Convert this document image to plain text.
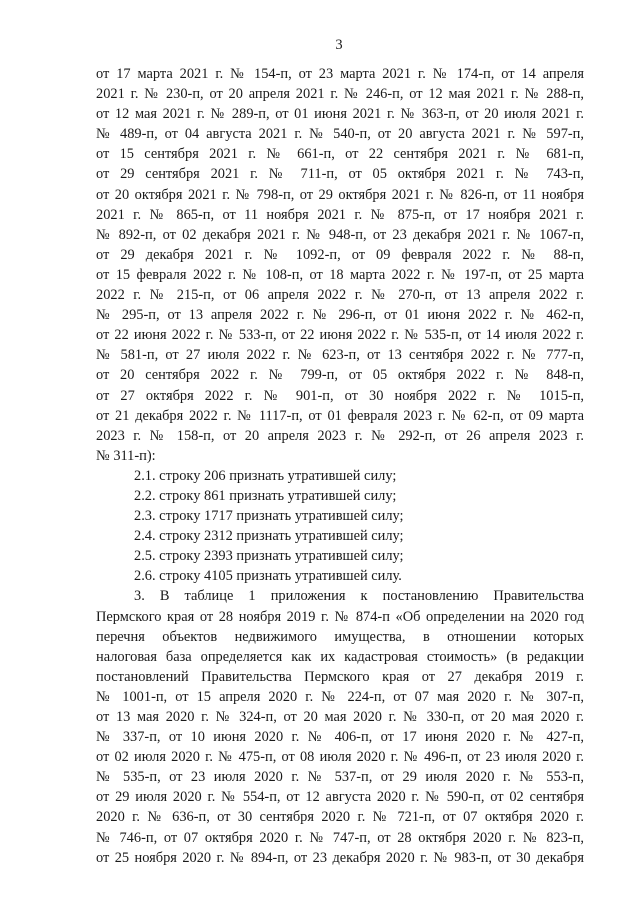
3
от 17 марта 2021 г. № 154-п, от 23 марта 2021 г. № 174-п, от 14 апреля
2021 г. № 230-п, от 20 апреля 2021 г. № 246-п, от 12 мая 2021 г. № 288-п,
от 12 мая 2021 г. № 289-п, от 01 июня 2021 г. № 363-п, от 20 июля 2021 г.
№ 489-п, от 04 августа 2021 г. № 540-п, от 20 августа 2021 г. № 597-п,
от 15 сентября 2021 г. № 661-п, от 22 сентября 2021 г. № 681-п,
от 29 сентября 2021 г. № 711-п, от 05 октября 2021 г. № 743-п,
от 20 октября 2021 г. № 798-п, от 29 октября 2021 г. № 826-п, от 11 ноября
2021 г. № 865-п, от 11 ноября 2021 г. № 875-п, от 17 ноября 2021 г.
№ 892-п, от 02 декабря 2021 г. № 948-п, от 23 декабря 2021 г. № 1067-п,
от 29 декабря 2021 г. № 1092-п, от 09 февраля 2022 г. № 88-п,
от 15 февраля 2022 г. № 108-п, от 18 марта 2022 г. № 197-п, от 25 марта
2022 г. № 215-п, от 06 апреля 2022 г. № 270-п, от 13 апреля 2022 г.
№ 295-п, от 13 апреля 2022 г. № 296-п, от 01 июня 2022 г. № 462-п,
от 22 июня 2022 г. № 533-п, от 22 июня 2022 г. № 535-п, от 14 июля 2022 г.
№ 581-п, от 27 июля 2022 г. № 623-п, от 13 сентября 2022 г. № 777-п,
от 20 сентября 2022 г. № 799-п, от 05 октября 2022 г. № 848-п,
от 27 октября 2022 г. № 901-п, от 30 ноября 2022 г. № 1015-п,
от 21 декабря 2022 г. № 1117-п, от 01 февраля 2023 г. № 62-п, от 09 марта
2023 г. № 158-п, от 20 апреля 2023 г. № 292-п, от 26 апреля 2023 г.
№ 311-п):
2.1. строку 206 признать утратившей силу;
2.2. строку 861 признать утратившей силу;
2.3. строку 1717 признать утратившей силу;
2.4. строку 2312 признать утратившей силу;
2.5. строку 2393 признать утратившей силу;
2.6. строку 4105 признать утратившей силу.
3. В таблице 1 приложения к постановлению Правительства
Пермского края от 28 ноября 2019 г. № 874-п «Об определении на 2020 год
перечня объектов недвижимого имущества, в отношении которых
налоговая база определяется как их кадастровая стоимость» (в редакции
постановлений Правительства Пермского края от 27 декабря 2019 г.
№ 1001-п, от 15 апреля 2020 г. № 224-п, от 07 мая 2020 г. № 307-п,
от 13 мая 2020 г. № 324-п, от 20 мая 2020 г. № 330-п, от 20 мая 2020 г.
№ 337-п, от 10 июня 2020 г. № 406-п, от 17 июня 2020 г. № 427-п,
от 02 июля 2020 г. № 475-п, от 08 июля 2020 г. № 496-п, от 23 июля 2020 г.
№ 535-п, от 23 июля 2020 г. № 537-п, от 29 июля 2020 г. № 553-п,
от 29 июля 2020 г. № 554-п, от 12 августа 2020 г. № 590-п, от 02 сентября
2020 г. № 636-п, от 30 сентября 2020 г. № 721-п, от 07 октября 2020 г.
№ 746-п, от 07 октября 2020 г. № 747-п, от 28 октября 2020 г. № 823-п,
от 25 ноября 2020 г. № 894-п, от 23 декабря 2020 г. № 983-п, от 30 декабря
